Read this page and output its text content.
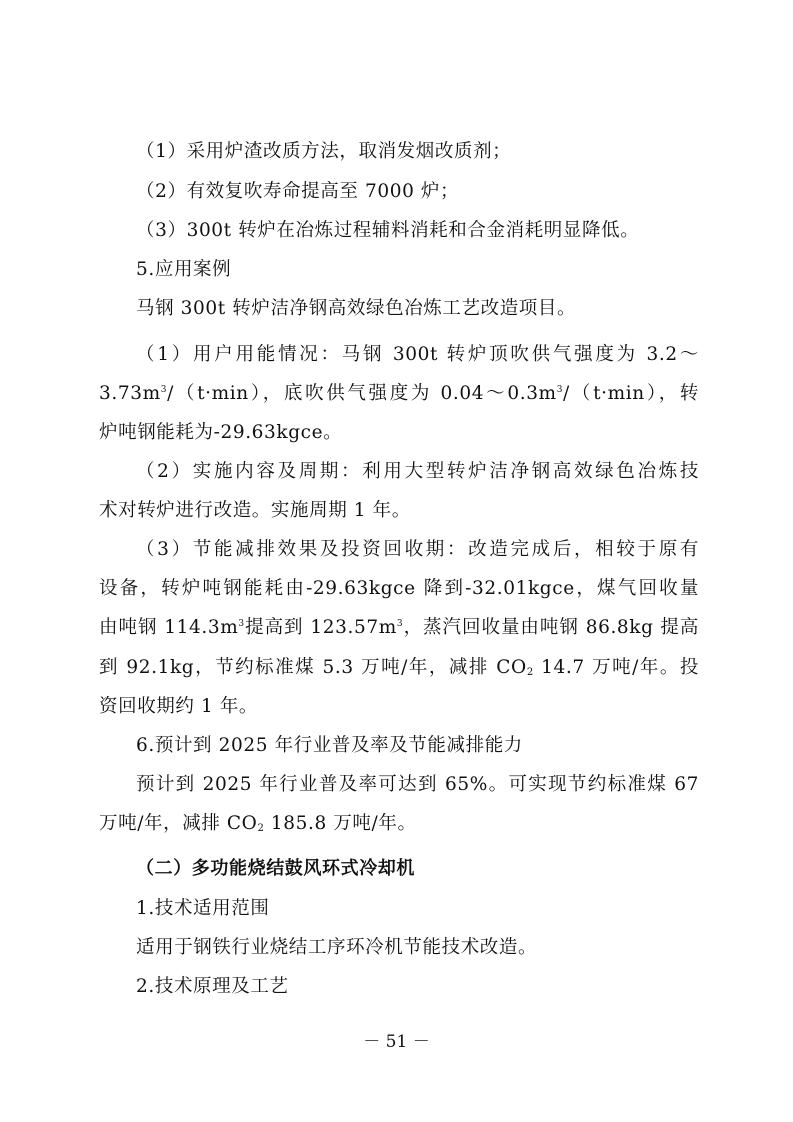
（1）采用炉渣改质方法，取消发烟改质剂；
（2）有效复吹寿命提高至 7000 炉；
（3）300t 转炉在冶炼过程辅料消耗和合金消耗明显降低。
5.应用案例
马钢 300t 转炉洁净钢高效绿色冶炼工艺改造项目。
（1）用户用能情况：马钢 300t 转炉顶吹供气强度为 3.2～
$3.73m^3/(t\cdot\min)$，底吹供气强度为 $0.04\sim 0.3m^3/(t\cdot\min)$，转
炉吨钢能耗为-29.63kgce。
（2）实施内容及周期：利用大型转炉洁净钢高效绿色冶炼技
术对转炉进行改造。实施周期 1 年。
（3）节能减排效果及投资回收期：改造完成后，相较于原有
设备，转炉吨钢能耗由-29.63kgce 降到-32.01kgce，煤气回收量
由吨钢 $114.3m^3$提高到 $123.57m^3$，蒸汽回收量由吨钢 86.8kg 提高
到 92.1kg，节约标准煤 5.3 万吨/年，减排 $CO_2$ 14.7 万吨/年。投
资回收期约 1 年。
6.预计到 2025 年行业普及率及节能减排能力
预计到 2025 年行业普及率可达到 65%。可实现节约标准煤 67
万吨/年，减排 $CO_2$ 185.8 万吨/年。
（二）多功能烧结鼓风环式冷却机
1.技术适用范围
适用于钢铁行业烧结工序环冷机节能技术改造。
2.技术原理及工艺
－ 51 －
